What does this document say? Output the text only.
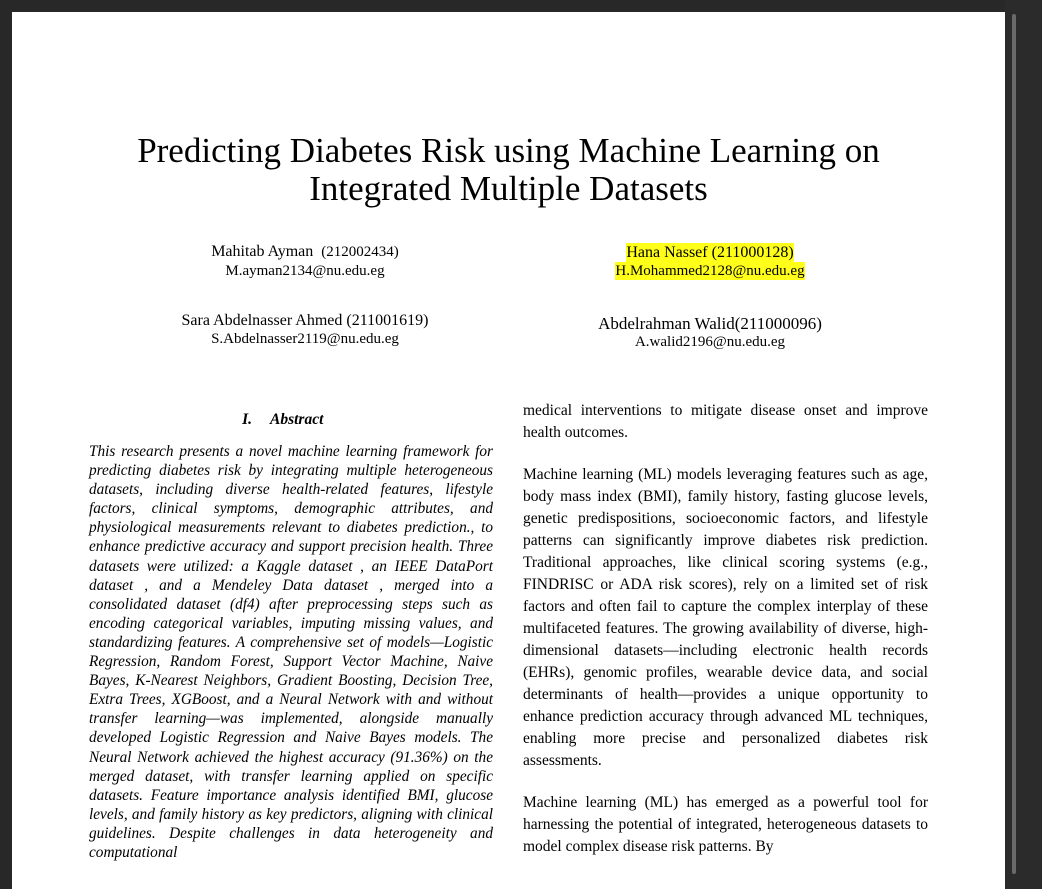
Predicting Diabetes Risk using Machine Learning on
Integrated Multiple Datasets
Mahitab Ayman (212002434)
M.ayman2134@nu.edu.eg
Hana Nassef (211000128)
H.Mohammed2128@nu.edu.eg
Sara Abdelnasser Ahmed (211001619)
S.Abdelnasser2119@nu.edu.eg
Abdelrahman Walid(211000096)
A.walid2196@nu.edu.eg
I. Abstract

This research presents a novel machine learning framework for predicting diabetes risk by integrating multiple heterogeneous datasets, including diverse health-related features, lifestyle factors, clinical symptoms, demographic attributes, and physiological measurements relevant to diabetes prediction., to enhance predictive accuracy and support precision health. Three datasets were utilized: a Kaggle dataset , an IEEE DataPort dataset , and a Mendeley Data dataset , merged into a consolidated dataset (df4) after preprocessing steps such as encoding categorical variables, imputing missing values, and standardizing features. A comprehensive set of models—Logistic Regression, Random Forest, Support Vector Machine, Naive Bayes, K-Nearest Neighbors, Gradient Boosting, Decision Tree, Extra Trees, XGBoost, and a Neural Network with and without transfer learning—was implemented, alongside manually developed Logistic Regression and Naive Bayes models. The Neural Network achieved the highest accuracy (91.36%) on the merged dataset, with transfer learning applied on specific datasets. Feature importance analysis identified BMI, glucose levels, and family history as key predictors, aligning with clinical guidelines. Despite challenges in data heterogeneity and computational

medical interventions to mitigate disease onset and improve health outcomes.

Machine learning (ML) models leveraging features such as age, body mass index (BMI), family history, fasting glucose levels, genetic predispositions, socioeconomic factors, and lifestyle patterns can significantly improve diabetes risk prediction. Traditional approaches, like clinical scoring systems (e.g., FINDRISC or ADA risk scores), rely on a limited set of risk factors and often fail to capture the complex interplay of these multifaceted features. The growing availability of diverse, high-dimensional datasets—including electronic health records (EHRs), genomic profiles, wearable device data, and social determinants of health—provides a unique opportunity to enhance prediction accuracy through advanced ML techniques, enabling more precise and personalized diabetes risk assessments.

Machine learning (ML) has emerged as a powerful tool for harnessing the potential of integrated, heterogeneous datasets to model complex disease risk patterns. By
